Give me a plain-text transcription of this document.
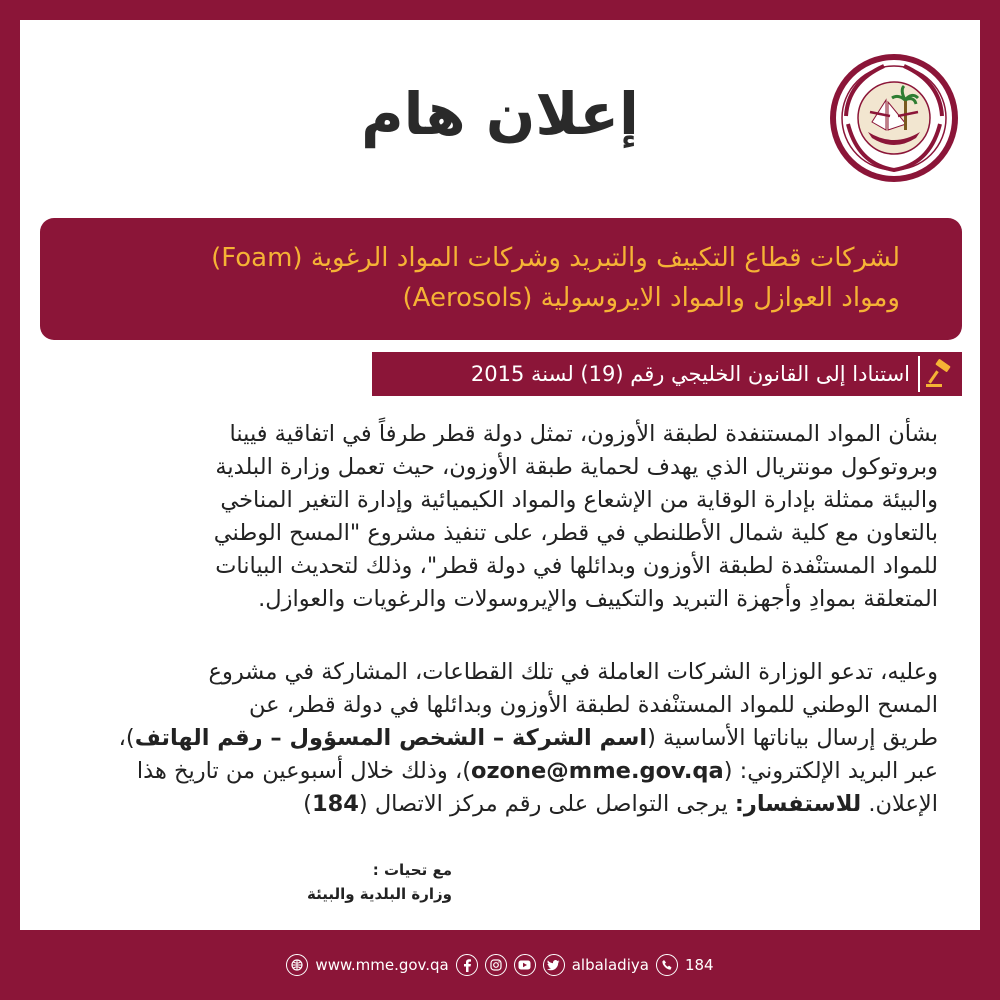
إعلان هام
لشركات قطاع التكييف والتبريد وشركات المواد الرغوية (Foam)
ومواد العوازل والمواد الايروسولية (Aerosols)
استنادا إلى القانون الخليجي رقم (19) لسنة 2015
بشأن المواد المستنفدة لطبقة الأوزون، تمثل دولة قطر طرفاً في اتفاقية فيينا
وبروتوكول مونتريال الذي يهدف لحماية طبقة الأوزون، حيث تعمل وزارة البلدية
والبيئة ممثلة بإدارة الوقاية من الإشعاع والمواد الكيميائية وإدارة التغير المناخي
بالتعاون مع كلية شمال الأطلنطي في قطر، على تنفيذ مشروع "المسح الوطني
للمواد المستنْفدة لطبقة الأوزون وبدائلها في دولة قطر"، وذلك لتحديث البيانات
المتعلقة بموادِ وأجهزة التبريد والتكييف والإيروسولات والرغويات والعوازل.
وعليه، تدعو الوزارة الشركات العاملة في تلك القطاعات، المشاركة في مشروع
المسح الوطني للمواد المستنْفدة لطبقة الأوزون وبدائلها في دولة قطر، عن
طريق إرسال بياناتها الأساسية (اسم الشركة – الشخص المسؤول – رقم الهاتف)،
عبر البريد الإلكتروني: (ozone@mme.gov.qa)، وذلك خلال أسبوعين من تاريخ هذا
الإعلان. للاستفسار: يرجى التواصل على رقم مركز الاتصال (184)
مع تحيات :
وزارة البلدية والبيئة
www.mme.gov.qa	albaladiya 184
